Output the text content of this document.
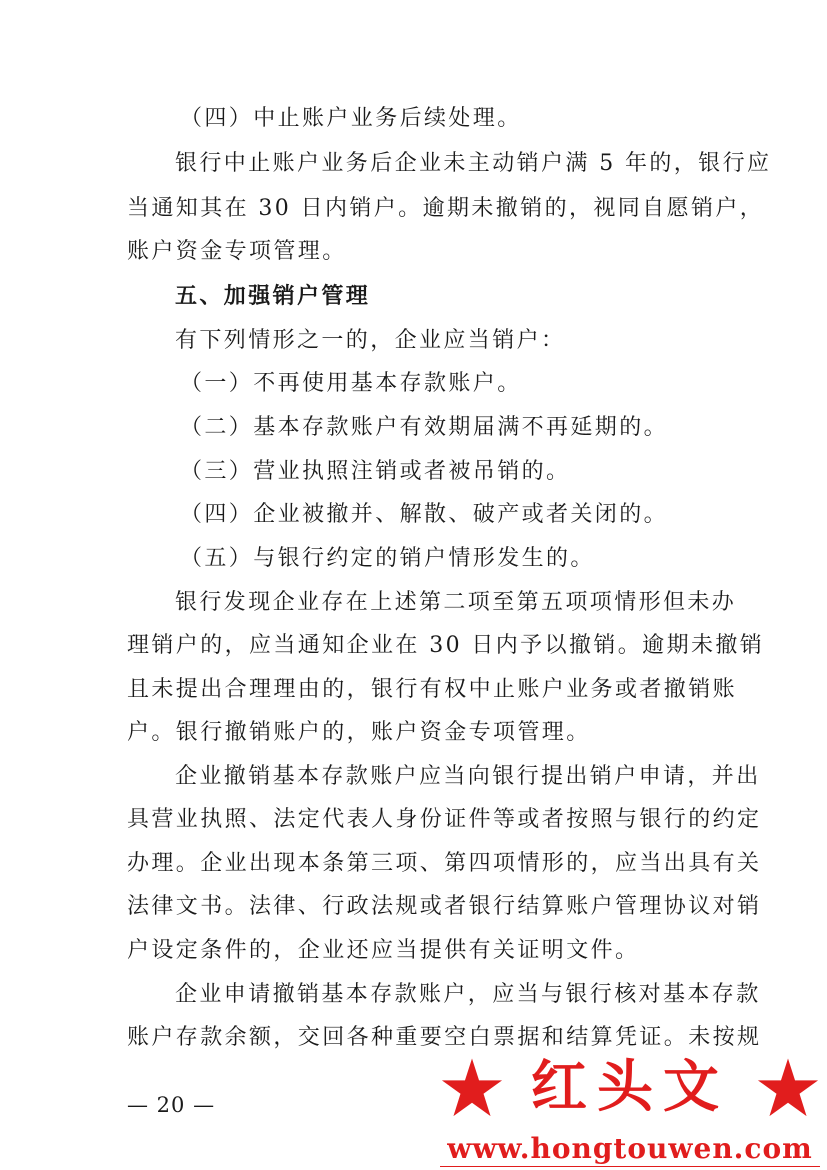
（四）中止账户业务后续处理。
银行中止账户业务后企业未主动销户满 5 年的，银行应
当通知其在 30 日内销户。逾期未撤销的，视同自愿销户，
账户资金专项管理。
五、加强销户管理
有下列情形之一的，企业应当销户：
（一）不再使用基本存款账户。
（二）基本存款账户有效期届满不再延期的。
（三）营业执照注销或者被吊销的。
（四）企业被撤并、解散、破产或者关闭的。
（五）与银行约定的销户情形发生的。
银行发现企业存在上述第二项至第五项项情形但未办
理销户的，应当通知企业在 30 日内予以撤销。逾期未撤销
且未提出合理理由的，银行有权中止账户业务或者撤销账
户。银行撤销账户的，账户资金专项管理。
企业撤销基本存款账户应当向银行提出销户申请，并出
具营业执照、法定代表人身份证件等或者按照与银行的约定
办理。企业出现本条第三项、第四项情形的，应当出具有关
法律文书。法律、行政法规或者银行结算账户管理协议对销
户设定条件的，企业还应当提供有关证明文件。
企业申请撤销基本存款账户，应当与银行核对基本存款
账户存款余额，交回各种重要空白票据和结算凭证。未按规
— 20 —	红头文
www.hongtouwen.com
